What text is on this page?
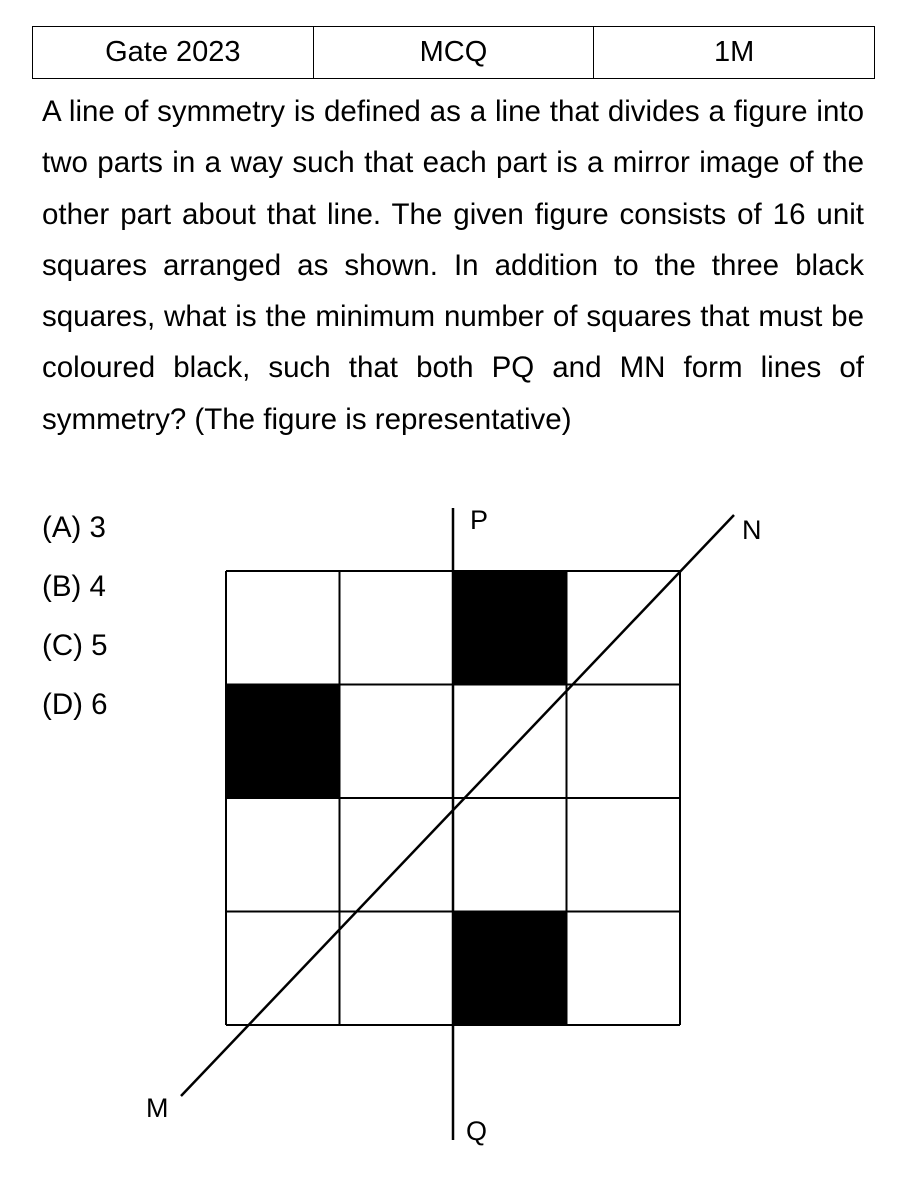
Gate 2023	MCQ	1M

A line of symmetry is defined as a line that divides a figure into two parts in a way such that each part is a mirror image of the other part about that line. The given figure consists of 16 unit squares arranged as shown. In addition to the three black squares, what is the minimum number of squares that must be coloured black, such that both PQ and MN form lines of symmetry? (The figure is representative)

(A) 3
(B) 4
(C) 5
(D) 6
P
Q
M
N
